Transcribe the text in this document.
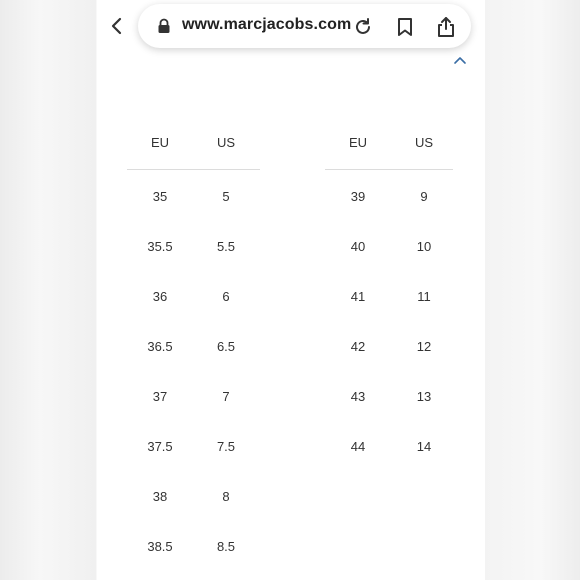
www.marcjacobs.com
EU	US
35	5
35.5	5.5
36	6
36.5	6.5
37	7
37.5	7.5
38	8
38.5	8.5
EU	US
39	9
40	10
41	11
42	12
43	13
44	14
